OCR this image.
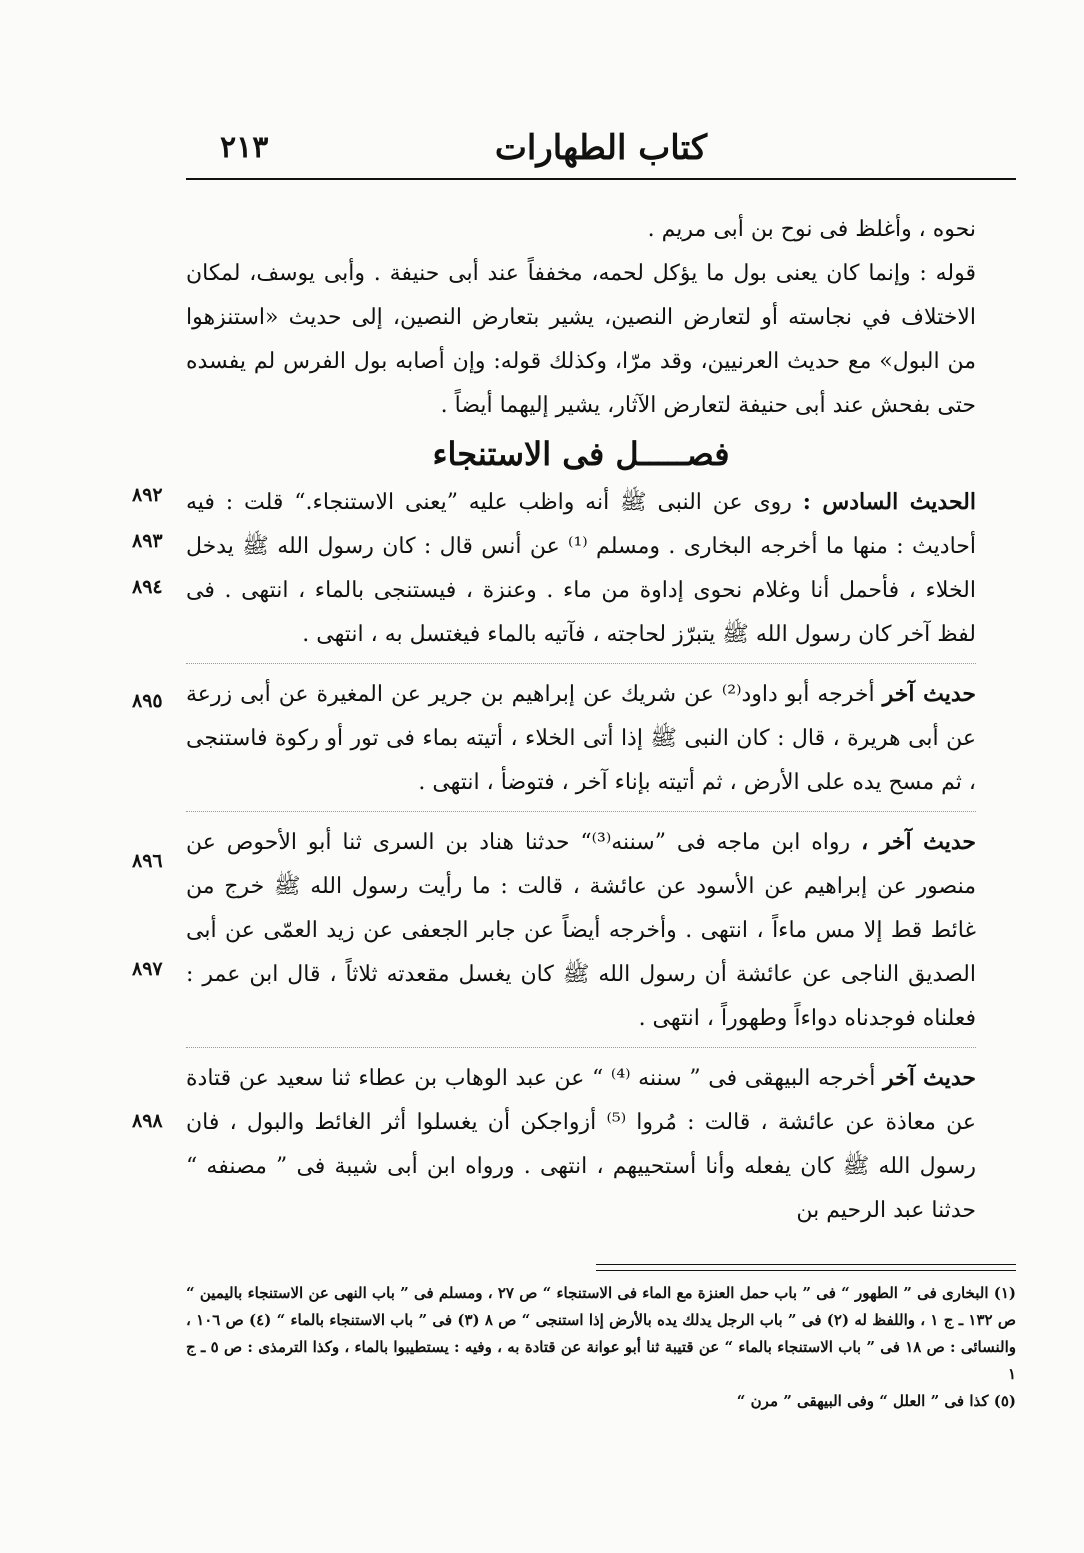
كتاب الطهارات
٢١٣
٨٩٢
٨٩٣
٨٩٤
٨٩٥
٨٩٦
٨٩٧
٨٩٨

نحوه ، وأغلظ فى نوح بن أبى مريم .

قوله : وإنما كان يعنى بول ما يؤكل لحمه، مخففاً عند أبى حنيفة . وأبى يوسف، لمكان الاختلاف في نجاسته أو لتعارض النصين، يشير بتعارض النصين، إلى حديث «استنزهوا من البول» مع حديث العرنيين، وقد مرّا، وكذلك قوله: وإن أصابه بول الفرس لم يفسده حتى بفحش عند أبى حنيفة لتعارض الآثار، يشير إليهما أيضاً .

فصـــــل فى الاستنجاء

الحديث السادس : روى عن النبى ﷺ أنه واظب عليه ”يعنى الاستنجاء.“ قلت : فيه أحاديث : منها ما أخرجه البخارى . ومسلم ⁽¹⁾ عن أنس قال : كان رسول الله ﷺ يدخل الخلاء ، فأحمل أنا وغلام نحوى إداوة من ماء . وعنزة ، فيستنجى بالماء ، انتهى . فى لفظ آخر كان رسول الله ﷺ يتبرّز لحاجته ، فآتيه بالماء فيغتسل به ، انتهى .

حديث آخر أخرجه أبو داود⁽²⁾ عن شريك عن إبراهيم بن جرير عن المغيرة عن أبى زرعة عن أبى هريرة ، قال : كان النبى ﷺ إذا أتى الخلاء ، أتيته بماء فى تور أو ركوة فاستنجى ، ثم مسح يده على الأرض ، ثم أتيته بإناء آخر ، فتوضأ ، انتهى .

حديث آخر ، رواه ابن ماجه فى ”سننه⁽³⁾“ حدثنا هناد بن السرى ثنا أبو الأحوص عن منصور عن إبراهيم عن الأسود عن عائشة ، قالت : ما رأيت رسول الله ﷺ خرج من غائط قط إلا مس ماءاً ، انتهى . وأخرجه أيضاً عن جابر الجعفى عن زيد العمّى عن أبى الصديق الناجى عن عائشة أن رسول الله ﷺ كان يغسل مقعدته ثلاثاً ، قال ابن عمر : فعلناه فوجدناه دواءاً وطهوراً ، انتهى .

حديث آخر أخرجه البيهقى فى ” سننه ⁽⁴⁾ “ عن عبد الوهاب بن عطاء ثنا سعيد عن قتادة عن معاذة عن عائشة ، قالت : مُروا ⁽⁵⁾ أزواجكن أن يغسلوا أثر الغائط والبول ، فان رسول الله ﷺ كان يفعله وأنا أستحييهم ، انتهى . ورواه ابن أبى شيبة فى ” مصنفه “ حدثنا عبد الرحيم بن

(١) البخارى فى ” الطهور “ فى ” باب حمل العنزة مع الماء فى الاستنجاء “ ص ٢٧ ، ومسلم فى ” باب النهى عن الاستنجاء باليمين “ ص ١٣٢ ـ ج ١ ، واللفظ له (٢) فى ” باب الرجل يدلك يده بالأرض إذا استنجى “ ص ٨ (٣) فى ” باب الاستنجاء بالماء “ (٤) ص ١٠٦ ، والنسائى : ص ١٨ فى ” باب الاستنجاء بالماء “ عن قتيبة ثنا أبو عوانة عن قتادة به ، وفيه : يستطيبوا بالماء ، وكذا الترمذى : ص ٥ ـ ج ١

(٥) كذا فى ” العلل “ وفى البيهقى ” مرن “
